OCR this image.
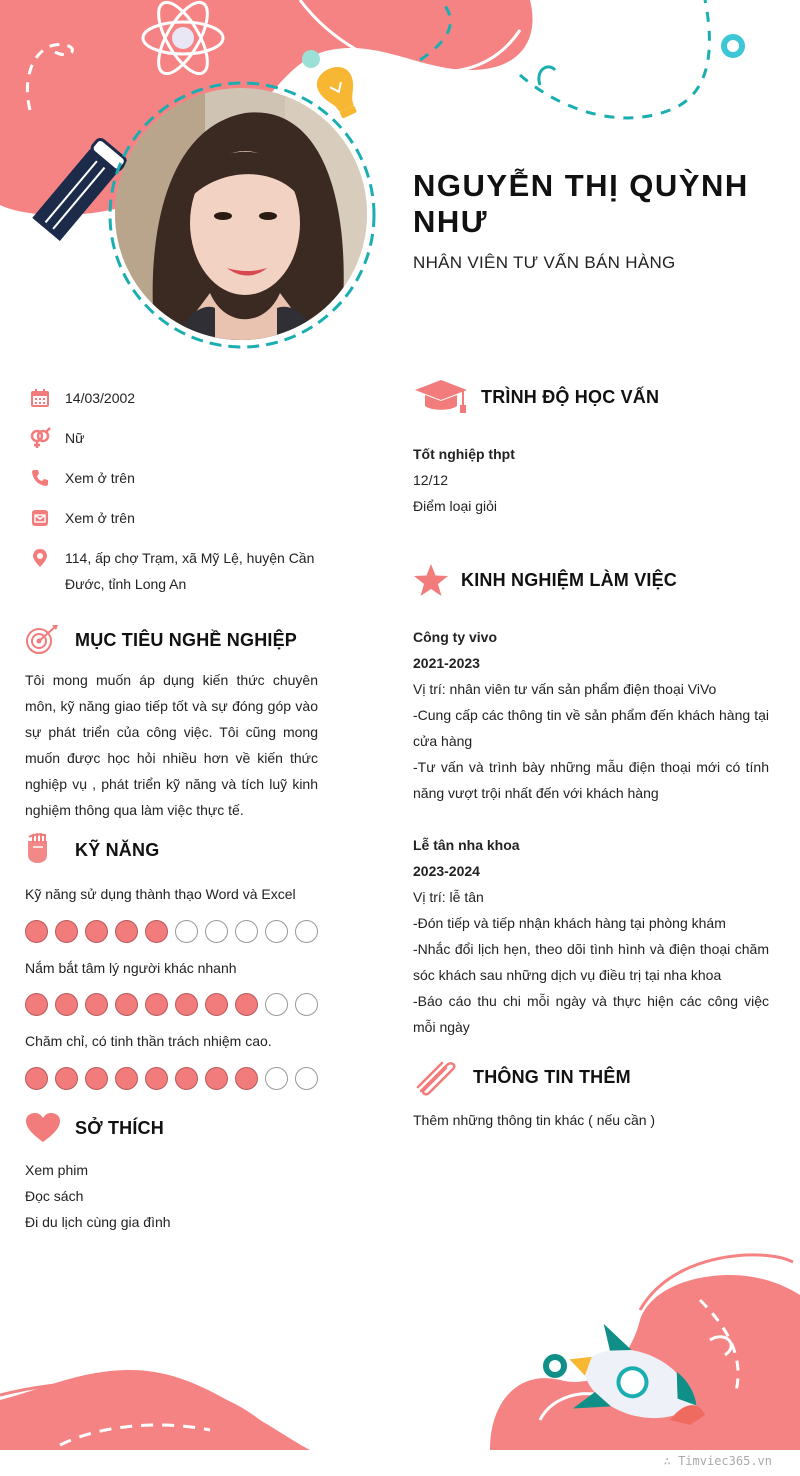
NGUYỄN THỊ QUỲNH NHƯ
NHÂN VIÊN TƯ VẤN BÁN HÀNG
14/03/2002
Nữ
Xem ở trên
Xem ở trên
114, ấp chợ Trạm, xã Mỹ Lệ, huyện Cần Đước, tỉnh Long An
MỤC TIÊU NGHỀ NGHIỆP
Tôi mong muốn áp dụng kiến thức chuyên môn, kỹ năng giao tiếp tốt và sự đóng góp vào sự phát triển của công việc. Tôi cũng mong muốn được học hỏi nhiều hơn về kiến thức nghiệp vụ , phát triển kỹ năng và tích luỹ kinh nghiệm thông qua làm việc thực tế.
KỸ NĂNG
Kỹ năng sử dụng thành thạo Word và Excel
Nắm bắt tâm lý người khác nhanh
Chăm chỉ, có tinh thần trách nhiệm cao.
SỞ THÍCH
Xem phim
Đọc sách
Đi du lịch cùng gia đình
TRÌNH ĐỘ HỌC VẤN
Tốt nghiệp thpt
12/12
Điểm loại giỏi
KINH NGHIỆM LÀM VIỆC
Công ty vivo
2021-2023
Vị trí: nhân viên tư vấn sản phẩm điện thoại ViVo
-Cung cấp các thông tin về sản phẩm đến khách hàng tại cửa hàng
-Tư vấn và trình bày những mẫu điện thoại mới có tính năng vượt trội nhất đến với khách hàng
Lễ tân nha khoa
2023-2024
Vị trí: lễ tân
-Đón tiếp và tiếp nhận khách hàng tại phòng khám
-Nhắc đổi lịch hẹn, theo dõi tình hình và điện thoại chăm sóc khách sau những dịch vụ điều trị tại nha khoa
-Báo cáo thu chi mỗi ngày và thực hiện các công việc mỗi ngày
THÔNG TIN THÊM
Thêm những thông tin khác ( nếu cần )
∴ Timviec365.vn
